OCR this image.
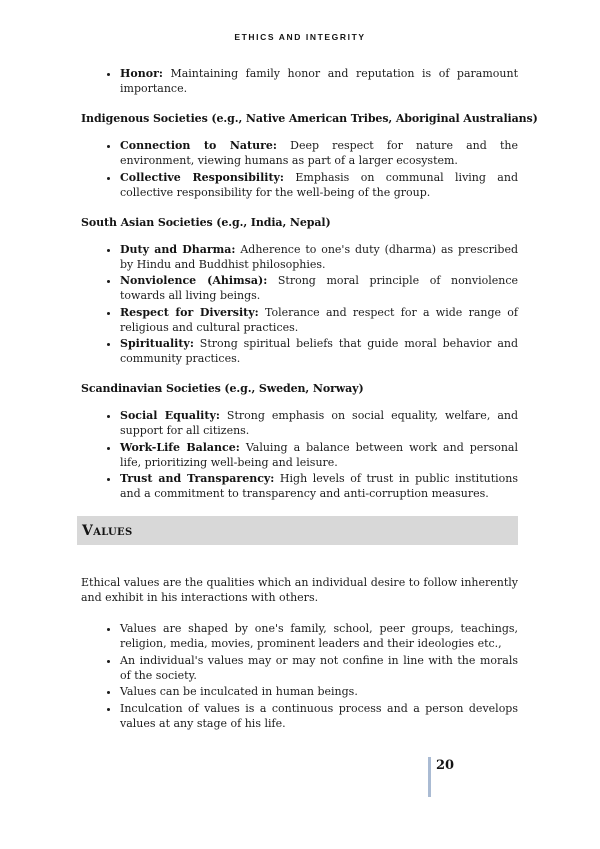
ETHICS AND INTEGRITY
• Honor: Maintaining family honor and reputation is of paramount importance.
Indigenous Societies (e.g., Native American Tribes, Aboriginal Australians)
• Connection to Nature: Deep respect for nature and the environment, viewing humans as part of a larger ecosystem.
• Collective Responsibility: Emphasis on communal living and collective responsibility for the well-being of the group.
South Asian Societies (e.g., India, Nepal)
• Duty and Dharma: Adherence to one's duty (dharma) as prescribed by Hindu and Buddhist philosophies.
• Nonviolence (Ahimsa): Strong moral principle of nonviolence towards all living beings.
• Respect for Diversity: Tolerance and respect for a wide range of religious and cultural practices.
• Spirituality: Strong spiritual beliefs that guide moral behavior and community practices.
Scandinavian Societies (e.g., Sweden, Norway)
• Social Equality: Strong emphasis on social equality, welfare, and support for all citizens.
• Work-Life Balance: Valuing a balance between work and personal life, prioritizing well-being and leisure.
• Trust and Transparency: High levels of trust in public institutions and a commitment to transparency and anti-corruption measures.
Values

Ethical values are the qualities which an individual desire to follow inherently and exhibit in his interactions with others.

• Values are shaped by one's family, school, peer groups, teachings, religion, media, movies, prominent leaders and their ideologies etc.,
• An individual's values may or may not confine in line with the morals of the society.
• Values can be inculcated in human beings.
• Inculcation of values is a continuous process and a person develops values at any stage of his life.
20
